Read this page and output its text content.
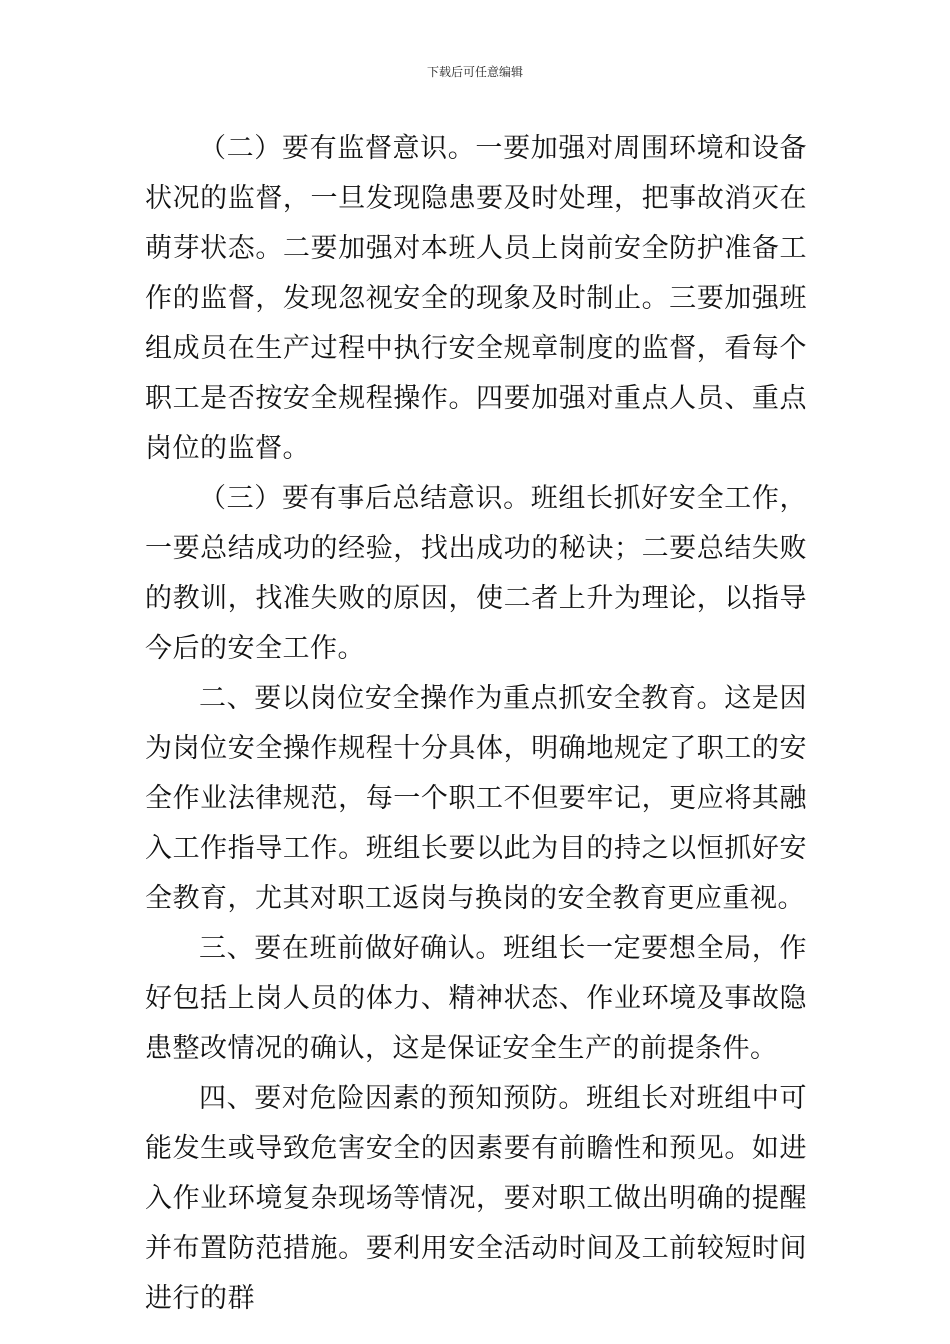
下载后可任意编辑

（二）要有监督意识。一要加强对周围环境和设备状况的监督，一旦发现隐患要及时处理，把事故消灭在萌芽状态。二要加强对本班人员上岗前安全防护准备工作的监督，发现忽视安全的现象及时制止。三要加强班组成员在生产过程中执行安全规章制度的监督，看每个职工是否按安全规程操作。四要加强对重点人员、重点岗位的监督。

（三）要有事后总结意识。班组长抓好安全工作，一要总结成功的经验，找出成功的秘诀；二要总结失败的教训，找准失败的原因，使二者上升为理论，以指导今后的安全工作。

二、要以岗位安全操作为重点抓安全教育。这是因为岗位安全操作规程十分具体，明确地规定了职工的安全作业法律规范，每一个职工不但要牢记，更应将其融入工作指导工作。班组长要以此为目的持之以恒抓好安全教育，尤其对职工返岗与换岗的安全教育更应重视。

三、要在班前做好确认。班组长一定要想全局，作好包括上岗人员的体力、精神状态、作业环境及事故隐患整改情况的确认，这是保证安全生产的前提条件。

四、要对危险因素的预知预防。班组长对班组中可能发生或导致危害安全的因素要有前瞻性和预见。如进入作业环境复杂现场等情况，要对职工做出明确的提醒并布置防范措施。要利用安全活动时间及工前较短时间进行的群
